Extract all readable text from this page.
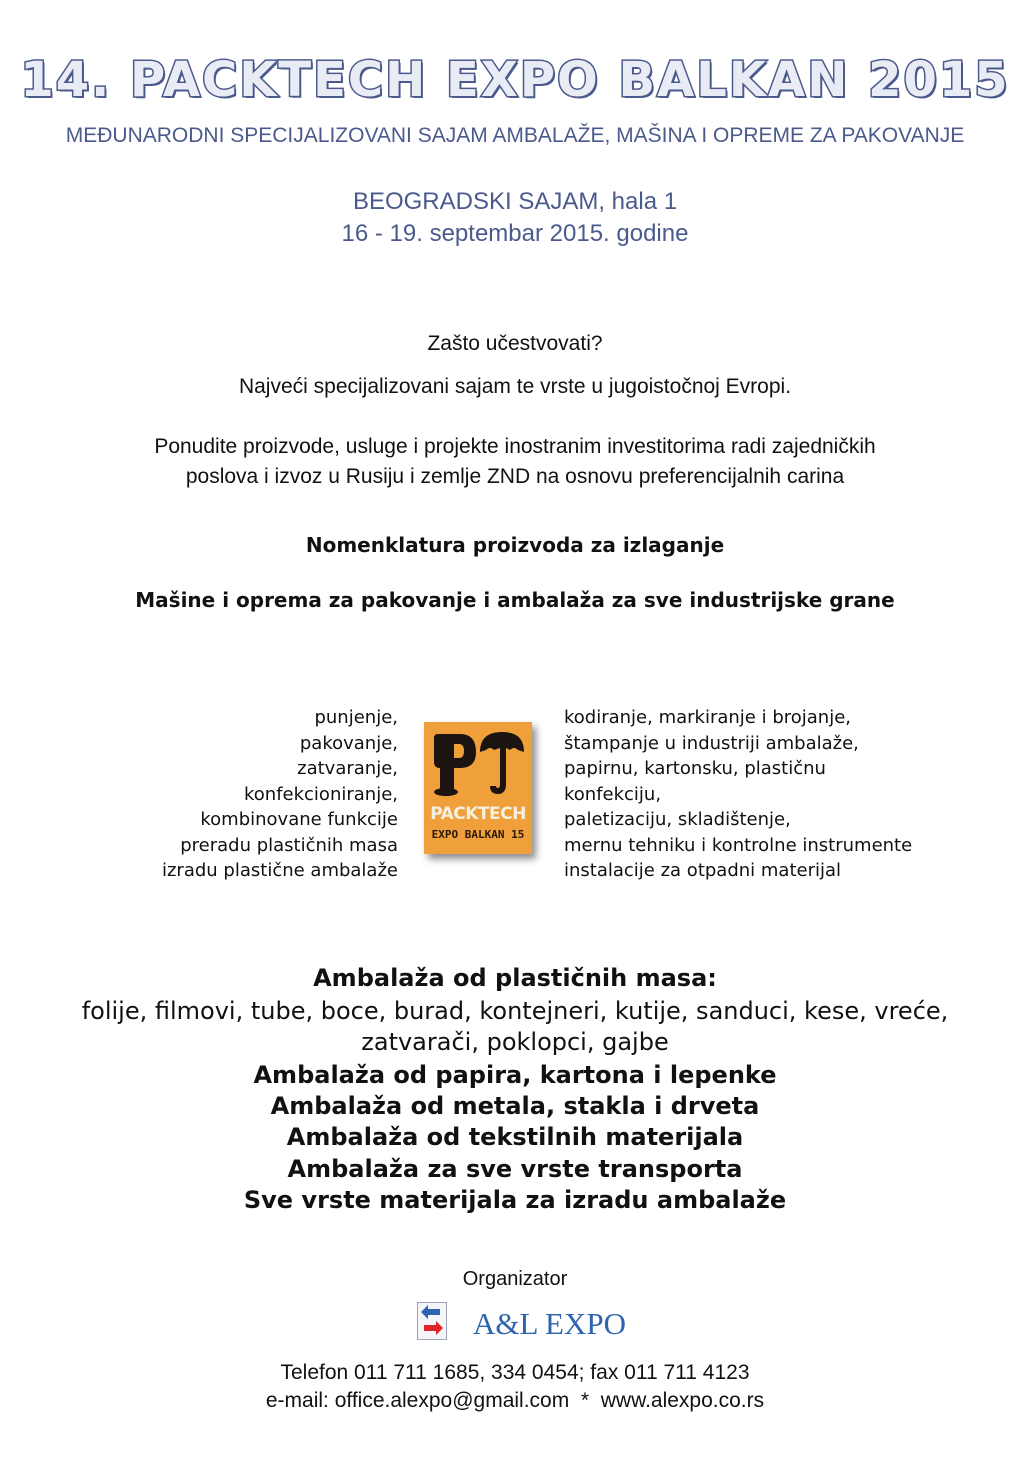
14. PACKTECH EXPO BALKAN 2015
MEĐUNARODNI SPECIJALIZOVANI SAJAM AMBALAŽE, MAŠINA I OPREME ZA PAKOVANJE
BEOGRADSKI SAJAM, hala 1
16 - 19. septembar 2015. godine
Zašto učestvovati?
Najveći specijalizovani sajam te vrste u jugoistočnoj Evropi.
Ponudite proizvode, usluge i projekte inostranim investitorima radi zajedničkih
poslova i izvoz u Rusiju i zemlje ZND na osnovu preferencijalnih carina
Nomenklatura proizvoda za izlaganje
Mašine i oprema za pakovanje i ambalaža za sve industrijske grane
punjenje,
pakovanje,
zatvaranje,
konfekcioniranje,
kombinovane funkcije
preradu plastičnih masa
izradu plastične ambalaže
PACKTECH
EXPO BALKAN 15
kodiranje, markiranje i brojanje,
štampanje u industriji ambalaže,
papirnu, kartonsku, plastičnu
konfekciju,
paletizaciju, skladištenje,
mernu tehniku i kontrolne instrumente
instalacije za otpadni materijal
Ambalaža od plastičnih masa:
folije, filmovi, tube, boce, burad, kontejneri, kutije, sanduci, kese, vreće,
zatvarači, poklopci, gajbe
Ambalaža od papira, kartona i lepenke
Ambalaža od metala, stakla i drveta
Ambalaža od tekstilnih materijala
Ambalaža za sve vrste transporta
Sve vrste materijala za izradu ambalaže
Organizator
A&L EXPO
Telefon 011 711 1685, 334 0454; fax 011 711 4123
e-mail: office.alexpo@gmail.com  *  www.alexpo.co.rs
